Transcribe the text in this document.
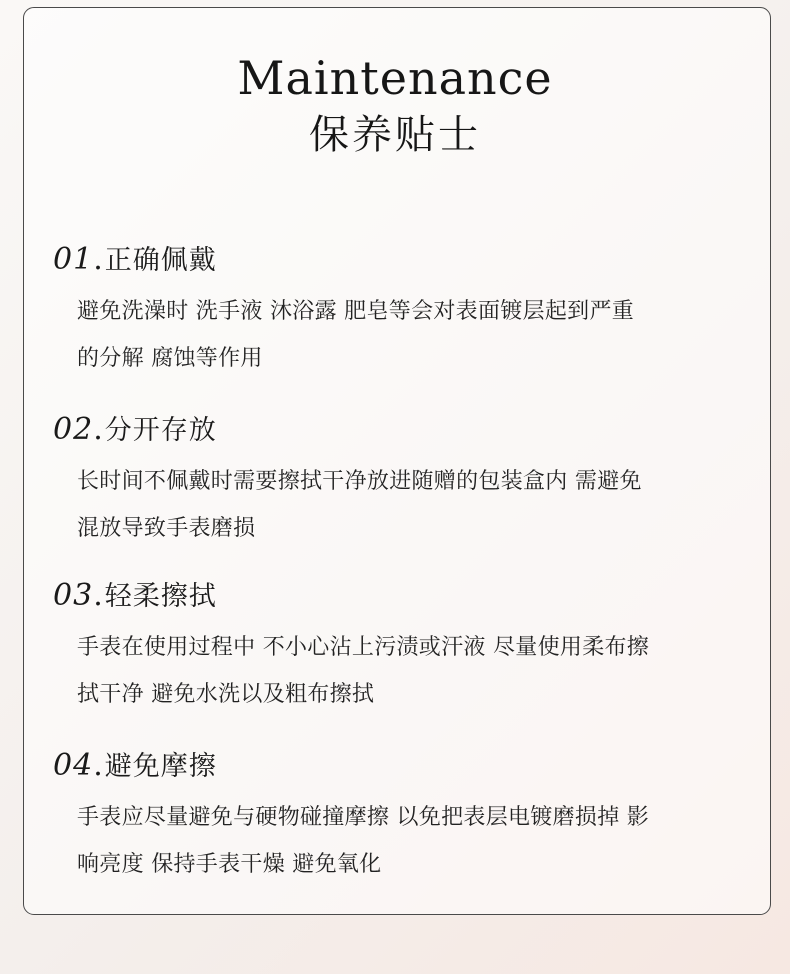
Maintenance
保养贴士
01 . 正确佩戴
避免洗澡时 洗手液 沐浴露 肥皂等会对表面镀层起到严重
的分解 腐蚀等作用
02 . 分开存放
长时间不佩戴时需要擦拭干净放进随赠的包装盒内 需避免
混放导致手表磨损
03 . 轻柔擦拭
手表在使用过程中 不小心沾上污渍或汗液 尽量使用柔布擦
拭干净 避免水洗以及粗布擦拭
04 . 避免摩擦
手表应尽量避免与硬物碰撞摩擦 以免把表层电镀磨损掉 影
响亮度 保持手表干燥 避免氧化
